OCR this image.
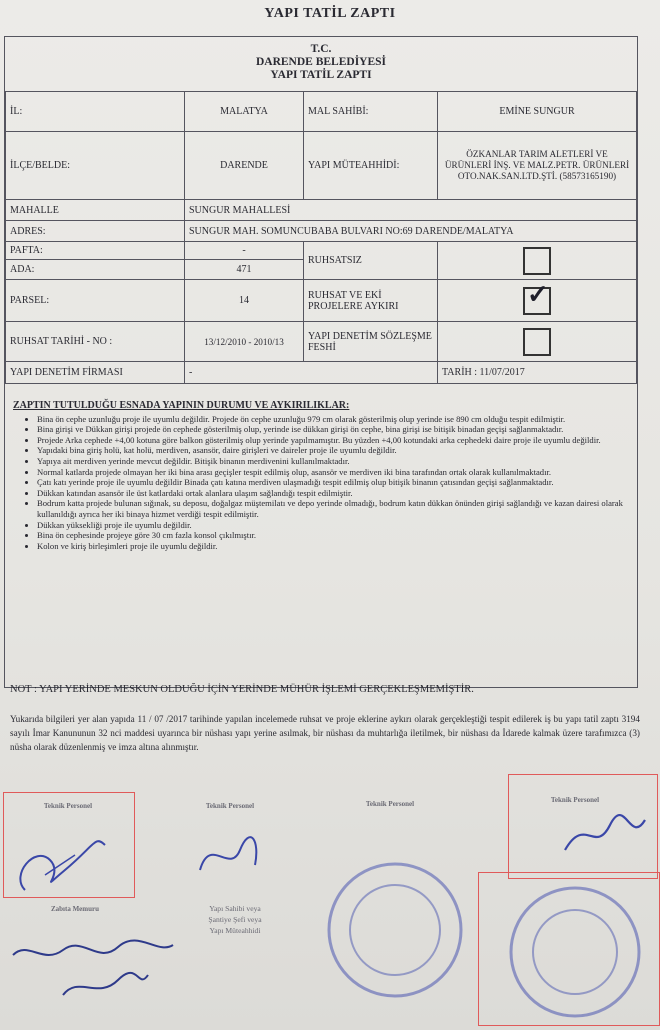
YAPI TATİL ZAPTI
T.C.
DARENDE BELEDİYESİ
YAPI TATİL ZAPTI
İL:	MALATYA	MAL SAHİBİ:	EMİNE SUNGUR
İLÇE/BELDE:	DARENDE	YAPI MÜTEAHHİDİ:	ÖZKANLAR TARIM ALETLERİ VE ÜRÜNLERİ İNŞ. VE MALZ.PETR. ÜRÜNLERİ OTO.NAK.SAN.LTD.ŞTİ. (58573165190)
MAHALLE	SUNGUR MAHALLESİ		
ADRES:	SUNGUR MAH. SOMUNCUBABA BULVARI NO:69 DARENDE/MALATYA		
PAFTA:	-	RUHSATSIZ	
ADA:	471		
PARSEL:	14	RUHSAT VE EKİ PROJELERE AYKIRI	✓

RUHSAT TARİHİ - NO :	13/12/2010 - 2010/13	YAPI DENETİM SÖZLEŞME FESHİ	
YAPI DENETİM FİRMASI	-		TARİH : 11/07/2017
ZAPTIN TUTULDUĞU ESNADA YAPININ DURUMU VE AYKIRILIKLAR:
• Bina ön cephe uzunluğu proje ile uyumlu değildir. Projede ön cephe uzunluğu 979 cm olarak gösterilmiş olup yerinde ise 890 cm olduğu tespit edilmiştir.
• Bina girişi ve Dükkan girişi projede ön cephede gösterilmiş olup, yerinde ise dükkan girişi ön cephe, bina girişi ise bitişik binadan geçişi sağlanmaktadır.
• Projede Arka cephede +4,00 kotuna göre balkon gösterilmiş olup yerinde yapılmamıştır. Bu yüzden +4,00 kotundaki arka cephedeki daire proje ile uyumlu değildir.
• Yapıdaki bina giriş holü, kat holü, merdiven, asansör, daire girişleri ve daireler proje ile uyumlu değildir.
• Yapıya ait merdiven yerinde mevcut değildir. Bitişik binanın merdivenini kullanılmaktadır.
• Normal katlarda projede olmayan her iki bina arası geçişler tespit edilmiş olup, asansör ve merdiven iki bina tarafından ortak olarak kullanılmaktadır.
• Çatı katı yerinde proje ile uyumlu değildir Binada çatı katına merdiven ulaşmadığı tespit edilmiş olup bitişik binanın çatısından geçişi sağlanmaktadır.
• Dükkan katından asansör ile üst katlardaki ortak alanlara ulaşım sağlandığı tespit edilmiştir.
• Bodrum katta projede bulunan sığınak, su deposu, doğalgaz müştemilatı ve depo yerinde olmadığı, bodrum katın dükkan önünden girişi sağlandığı ve kazan dairesi olarak kullanıldığı ayrıca her iki binaya hizmet verdiği tespit edilmiştir.
• Dükkan yüksekliği proje ile uyumlu değildir.
• Bina ön cephesinde projeye göre 30 cm fazla konsol çıkılmıştır.
• Kolon ve kiriş birleşimleri proje ile uyumlu değildir.
NOT : YAPI YERİNDE MESKUN OLDUĞU İÇİN YERİNDE MÜHÜR İŞLEMİ GERÇEKLEŞMEMİŞTİR.
Yukarıda bilgileri yer alan yapıda 11 / 07 /2017 tarihinde yapılan incelemede ruhsat ve proje eklerine aykırı olarak gerçekleştiği tespit edilerek iş bu yapı tatil zaptı 3194 sayılı İmar Kanununun 32 nci maddesi uyarınca bir nüshası yapı yerine asılmak, bir nüshası da muhtarlığa iletilmek, bir nüshası da İdarede kalmak üzere tarafımızca (3) nüsha olarak düzenlenmiş ve imza altına alınmıştır.
Teknik Personel	Teknik Personel	Teknik Personel	Teknik Personel
Zabıta Memuru	Yapı Sahibi veya
Şantiye Şefi veya
Yapı Müteahhidi
